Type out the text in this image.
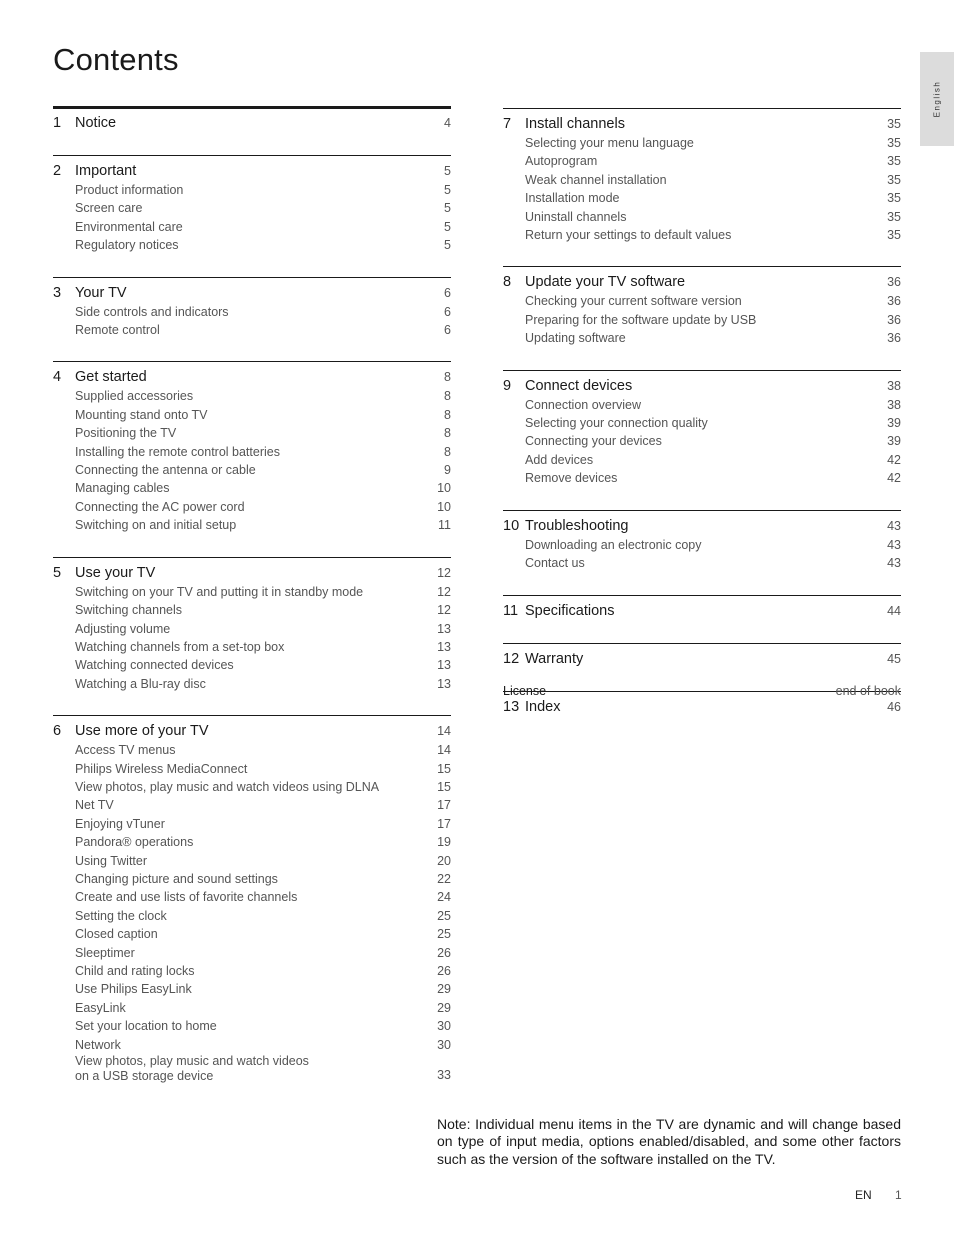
Contents
English
1 Notice	4
2 Important	5
Product information	5
Screen care	5
Environmental care	5
Regulatory notices	5
3 Your TV	6
Side controls and indicators	6
Remote control	6
4 Get started	8
Supplied accessories	8
Mounting stand onto TV	8
Positioning the TV	8
Installing the remote control batteries	8
Connecting the antenna or cable	9
Managing cables	10
Connecting the AC power cord	10
Switching on and initial setup	11
5 Use your TV	12
Switching on your TV and putting it in standby mode	12
Switching channels	12
Adjusting volume	13
Watching channels from a set-top box	13
Watching connected devices	13
Watching a Blu-ray disc	13
6 Use more of your TV	14
Access TV menus	14
Philips Wireless MediaConnect	15
View photos, play music and watch videos using DLNA	15
Net TV	17
Enjoying vTuner	17
Pandora® operations	19
Using Twitter	20
Changing picture and sound settings	22
Create and use lists of favorite channels	24
Setting the clock	25
Closed caption	25
Sleeptimer	26
Child and rating locks	26
Use Philips EasyLink	29
EasyLink	29
Set your location to home	30
Network	30
View photos, play music and watch videos
on a USB storage device	33
7 Install channels	35
Selecting your menu language	35
Autoprogram	35
Weak channel installation	35
Installation mode	35
Uninstall channels	35
Return your settings to default values	35
8 Update your TV software	36
Checking your current software version	36
Preparing for the software update by USB	36
Updating software	36
9 Connect devices	38
Connection overview	38
Selecting your connection quality	39
Connecting your devices	39
Add devices	42
Remove devices	42
10 Troubleshooting	43
Downloading an electronic copy	43
Contact us	43
11 Specifications	44
12 Warranty	45
13 Index	46
License	end of book
Note: Individual menu items in the TV are dynamic and will change based on type of input media, options enabled/disabled, and some other factors such as the version of the software installed on the TV.
EN 1
